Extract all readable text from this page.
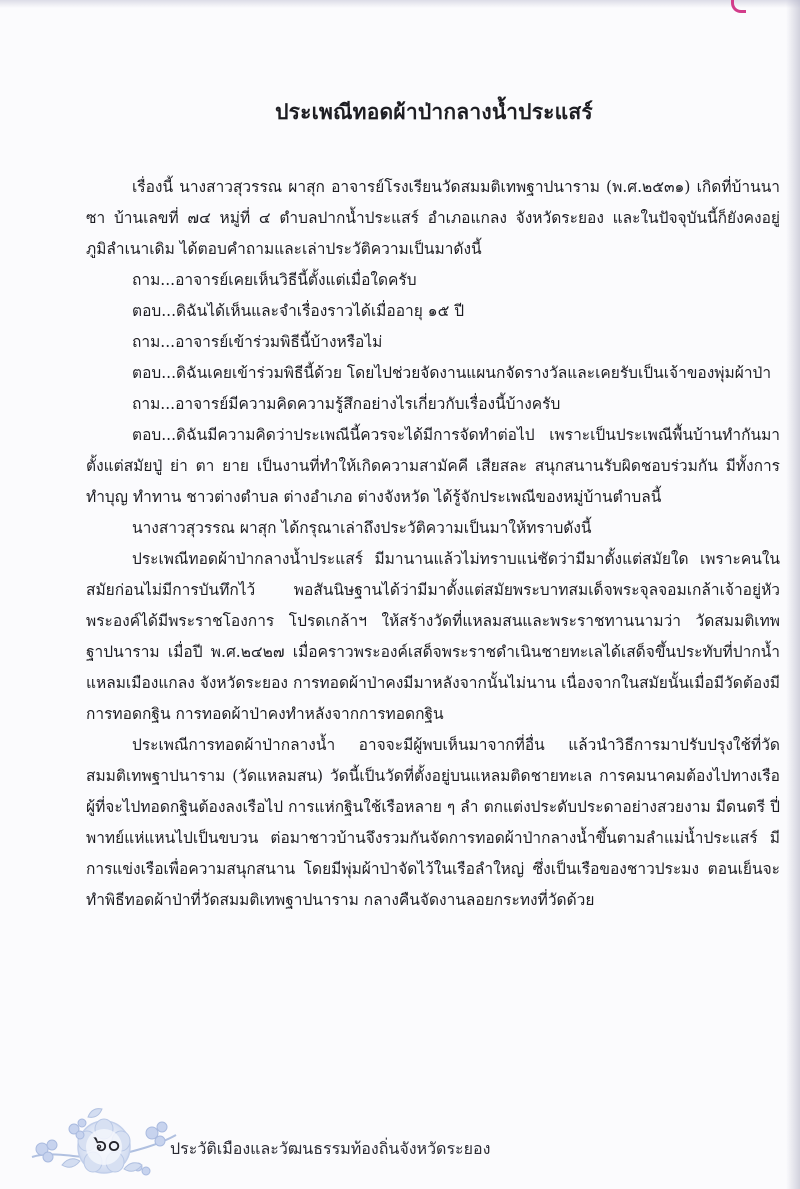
ประเพณีทอดผ้าป่ากลางน้ำประแสร์

เรื่องนี้ นางสาวสุวรรณ ผาสุก อาจารย์โรงเรียนวัดสมมติเทพฐาปนาราม (พ.ศ.๒๕๓๑) เกิดที่บ้านนาซา บ้านเลขที่ ๗๔ หมู่ที่ ๔ ตำบลปากน้ำประแสร์ อำเภอแกลง จังหวัดระยอง และในปัจจุบันนี้ก็ยังคงอยู่ ภูมิลำเนาเดิม ได้ตอบคำถามและเล่าประวัติความเป็นมาดังนี้

ถาม...อาจารย์เคยเห็นวิธีนี้ตั้งแต่เมื่อใดครับ

ตอบ...ดิฉันได้เห็นและจำเรื่องราวได้เมื่ออายุ ๑๕ ปี

ถาม...อาจารย์เข้าร่วมพิธีนี้บ้างหรือไม่

ตอบ...ดิฉันเคยเข้าร่วมพิธีนี้ด้วย โดยไปช่วยจัดงานแผนกจัดรางวัลและเคยรับเป็นเจ้าของพุ่มผ้าป่า

ถาม...อาจารย์มีความคิดความรู้สึกอย่างไรเกี่ยวกับเรื่องนี้บ้างครับ

ตอบ...ดิฉันมีความคิดว่าประเพณีนี้ควรจะได้มีการจัดทำต่อไป เพราะเป็นประเพณีพื้นบ้านทำกันมาตั้งแต่สมัยปู่ ย่า ตา ยาย เป็นงานที่ทำให้เกิดความสามัคคี เสียสละ สนุกสนานรับผิดชอบร่วมกัน มีทั้งการทำบุญ ทำทาน ชาวต่างตำบล ต่างอำเภอ ต่างจังหวัด ได้รู้จักประเพณีของหมู่บ้านตำบลนี้

นางสาวสุวรรณ ผาสุก ได้กรุณาเล่าถึงประวัติความเป็นมาให้ทราบดังนี้

ประเพณีทอดผ้าป่ากลางน้ำประแสร์ มีมานานแล้วไม่ทราบแน่ชัดว่ามีมาตั้งแต่สมัยใด เพราะคนในสมัยก่อนไม่มีการบันทึกไว้ พอสันนิษฐานได้ว่ามีมาตั้งแต่สมัยพระบาทสมเด็จพระจุลจอมเกล้าเจ้าอยู่หัว พระองค์ได้มีพระราชโองการ โปรดเกล้าฯ ให้สร้างวัดที่แหลมสนและพระราชทานนามว่า วัดสมมติเทพฐาปนาราม เมื่อปี พ.ศ.๒๔๒๗ เมื่อคราวพระองค์เสด็จพระราชดำเนินชายทะเลได้เสด็จขึ้นประทับที่ปากน้ำแหลมเมืองแกลง จังหวัดระยอง การทอดผ้าป่าคงมีมาหลังจากนั้นไม่นาน เนื่องจากในสมัยนั้นเมื่อมีวัดต้องมีการทอดกฐิน การทอดผ้าป่าคงทำหลังจากการทอดกฐิน

ประเพณีการทอดผ้าป่ากลางน้ำ อาจจะมีผู้พบเห็นมาจากที่อื่น แล้วนำวิธีการมาปรับปรุงใช้ที่วัดสมมติเทพฐาปนาราม (วัดแหลมสน) วัดนี้เป็นวัดที่ตั้งอยู่บนแหลมติดชายทะเล การคมนาคมต้องไปทางเรือ ผู้ที่จะไปทอดกฐินต้องลงเรือไป การแห่กฐินใช้เรือหลาย ๆ ลำ ตกแต่งประดับประดาอย่างสวยงาม มีดนตรี ปี่พาทย์แห่แหนไปเป็นขบวน ต่อมาชาวบ้านจึงรวมกันจัดการทอดผ้าป่ากลางน้ำขึ้นตามลำแม่น้ำประแสร์ มีการแข่งเรือเพื่อความสนุกสนาน โดยมีพุ่มผ้าป่าจัดไว้ในเรือลำใหญ่ ซึ่งเป็นเรือของชาวประมง ตอนเย็นจะทำพิธีทอดผ้าป่าที่วัดสมมติเทพฐาปนาราม กลางคืนจัดงานลอยกระทงที่วัดด้วย

๖๐	ประวัติเมืองและวัฒนธรรมท้องถิ่นจังหวัดระยอง
